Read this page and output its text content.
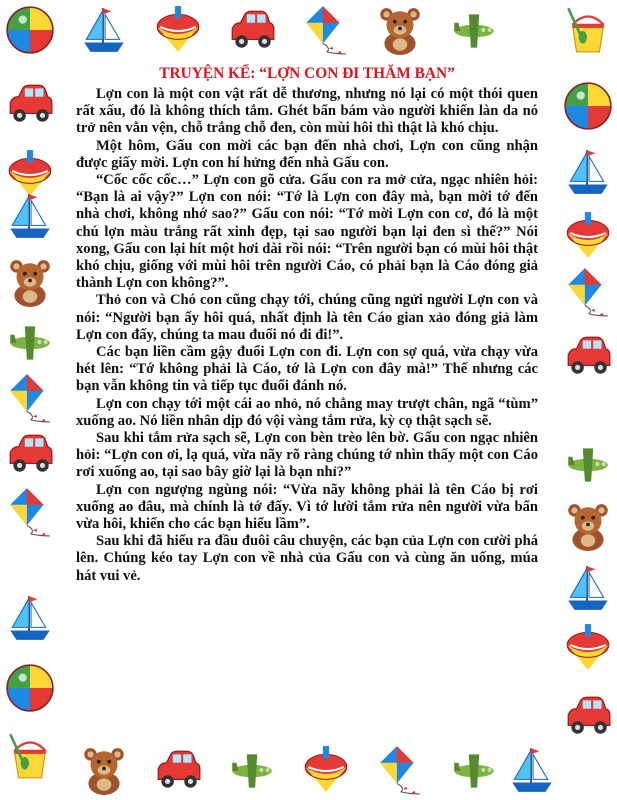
TRUYỆN KỂ: “LỢN CON ĐI THĂM BẠN”

Lợn con là một con vật rất dễ thương, nhưng nó lại có một thói quen rất xấu, đó là không thích tắm. Ghét bẩn bám vào người khiến làn da nó trở nên vằn vện, chỗ trắng chỗ đen, còn mùi hôi thì thật là khó chịu.

Một hôm, Gấu con mời các bạn đến nhà chơi, Lợn con cũng nhận được giấy mời. Lợn con hí hửng đến nhà Gấu con.

“Cốc cốc cốc…” Lợn con gõ cửa. Gấu con ra mở cửa, ngạc nhiên hỏi: “Bạn là ai vậy?” Lợn con nói: “Tớ là Lợn con đây mà, bạn mời tớ đến nhà chơi, không nhớ sao?” Gấu con nói: “Tớ mời Lợn con cơ, đó là một chú lợn màu trắng rất xinh đẹp, tại sao người bạn lại đen sì thế?” Nói xong, Gấu con lại hít một hơi dài rồi nói: “Trên người bạn có mùi hôi thật khó chịu, giống với mùi hôi trên người Cáo, có phải bạn là Cáo đóng giả thành Lợn con không?”.

Thỏ con và Chó con cũng chạy tới, chúng cũng ngửi người Lợn con và nói: “Người bạn ấy hôi quá, nhất định là tên Cáo gian xảo đóng giả làm Lợn con đấy, chúng ta mau đuổi nó đi đi!”.

Các bạn liền cầm gậy đuổi Lợn con đi. Lợn con sợ quá, vừa chạy vừa hét lên: “Tớ không phải là Cáo, tớ là Lợn con đây mà!” Thế nhưng các bạn vẫn không tin và tiếp tục đuổi đánh nó.

Lợn con chạy tới một cái ao nhỏ, nó chẳng may trượt chân, ngã “tùm” xuống ao. Nó liền nhân dịp đó vội vàng tắm rửa, kỳ cọ thật sạch sẽ.

Sau khi tắm rửa sạch sẽ, Lợn con bèn trèo lên bờ. Gấu con ngạc nhiên hỏi: “Lợn con ơi, lạ quá, vừa nãy rõ ràng chúng tớ nhìn thấy một con Cáo rơi xuống ao, tại sao bây giờ lại là bạn nhỉ?”

Lợn con ngượng ngùng nói: “Vừa nãy không phải là tên Cáo bị rơi xuống ao đâu, mà chính là tớ đấy. Vì tớ lười tắm rửa nên người vừa bẩn vừa hôi, khiến cho các bạn hiểu lầm”.

Sau khi đã hiểu ra đầu đuôi câu chuyện, các bạn của Lợn con cười phá lên. Chúng kéo tay Lợn con về nhà của Gấu con và cùng ăn uống, múa hát vui vẻ.
